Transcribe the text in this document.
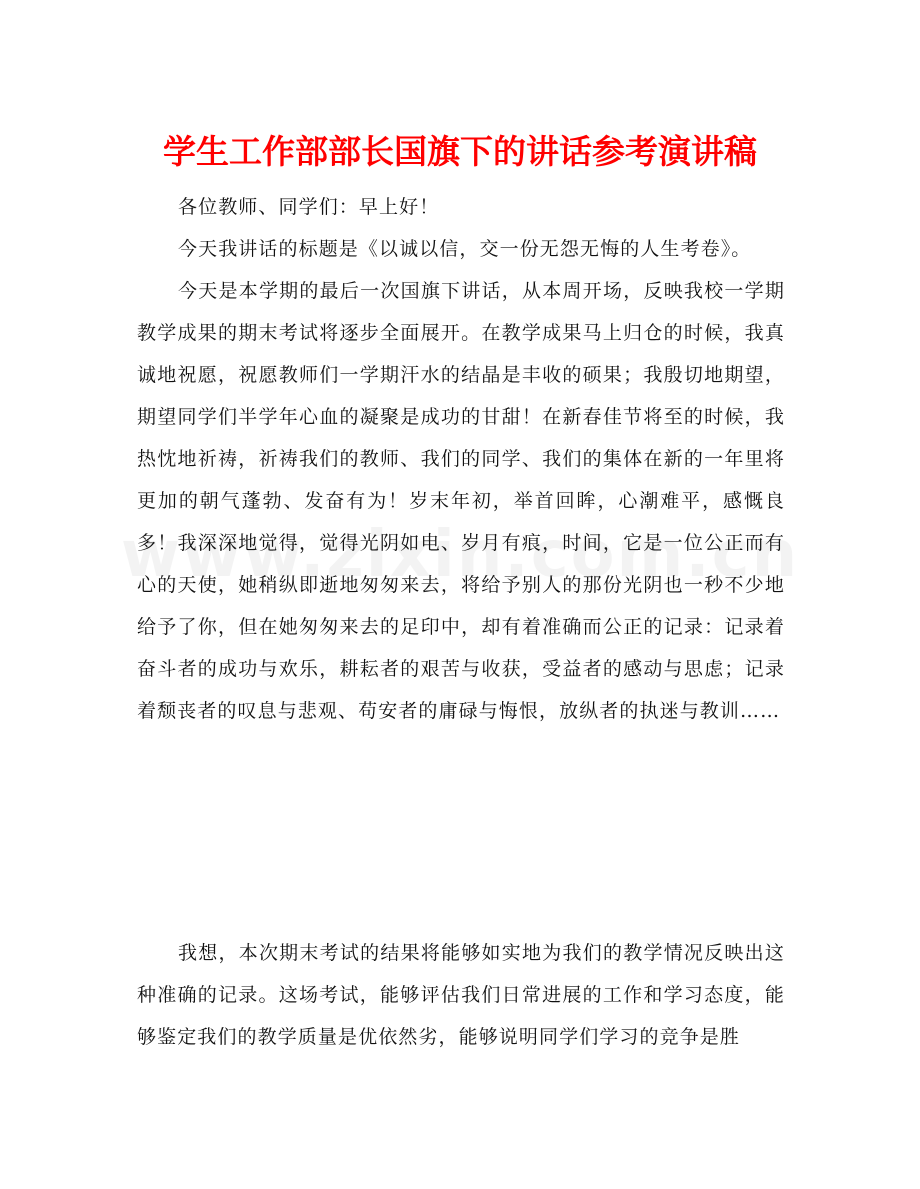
学生工作部部长国旗下的讲话参考演讲稿

各位教师、同学们：早上好！

今天我讲话的标题是《以诚以信，交一份无怨无悔的人生考卷》。

今天是本学期的最后一次国旗下讲话，从本周开场，反映我校一学期教学成果的期末考试将逐步全面展开。在教学成果马上归仓的时候，我真诚地祝愿，祝愿教师们一学期汗水的结晶是丰收的硕果；我殷切地期望，期望同学们半学年心血的凝聚是成功的甘甜！在新春佳节将至的时候，我热忱地祈祷，祈祷我们的教师、我们的同学、我们的集体在新的一年里将更加的朝气蓬勃、发奋有为！岁末年初，举首回眸，心潮难平，感慨良多！我深深地觉得，觉得光阴如电、岁月有痕，时间，它是一位公正而有心的天使，她稍纵即逝地匆匆来去，将给予别人的那份光阴也一秒不少地给予了你，但在她匆匆来去的足印中，却有着准确而公正的记录：记录着奋斗者的成功与欢乐，耕耘者的艰苦与收获，受益者的感动与思虑；记录着颓丧者的叹息与悲观、苟安者的庸碌与悔恨，放纵者的执迷与教训……

我想，本次期末考试的结果将能够如实地为我们的教学情况反映出这种准确的记录。这场考试，能够评估我们日常进展的工作和学习态度，能够鉴定我们的教学质量是优依然劣，能够说明同学们学习的竞争是胜
